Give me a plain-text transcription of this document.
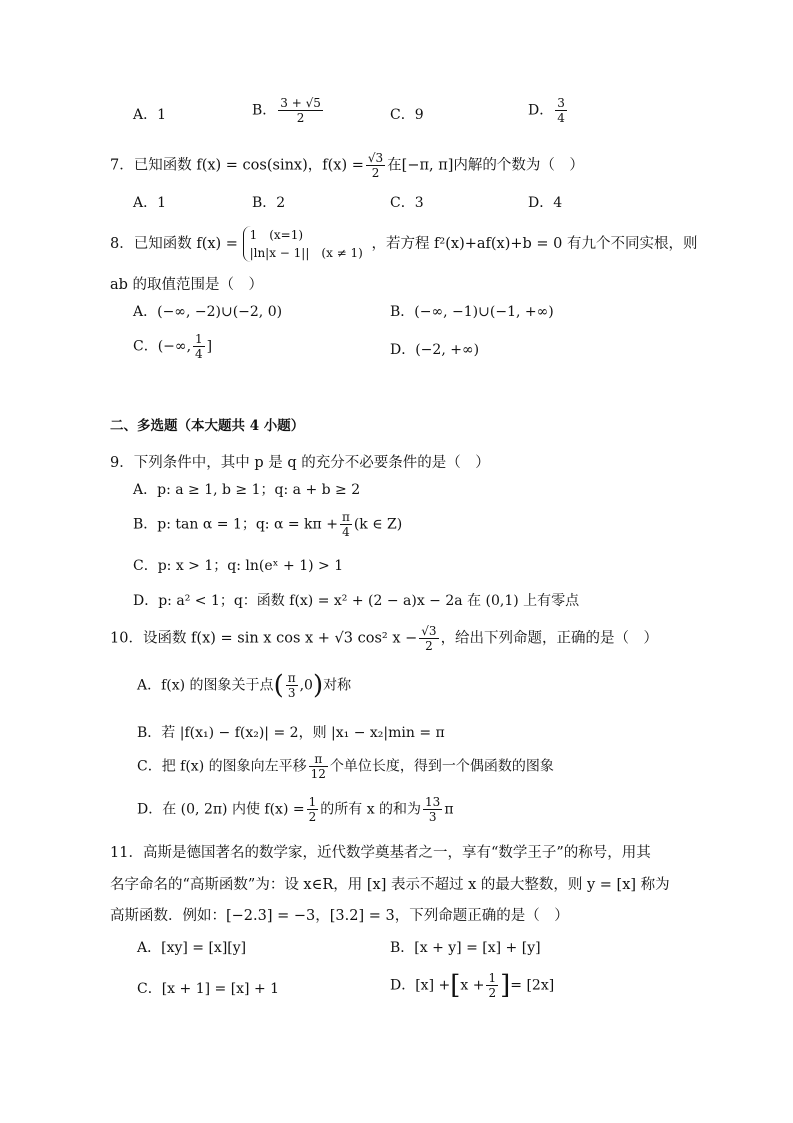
A．1	B． $\frac{3 + √5}{2}$	C．9	D． $\frac{3}{4}$
7．已知函数 f(x) = cos(sinx)，$f(x) = \frac{√3}{2}$ 在[−π, π]内解的个数为（　）
A．1	B．2	C．3	D．4
8．已知函数 f(x) =
1　(x=1)
|ln|x − 1||　(x ≠ 1)
，若方程 f²(x)+af(x)+b = 0 有九个不同实根，则
ab 的取值范围是（　）
A．(−∞, −2)∪(−2, 0)	B．(−∞, −1)∪(−1, +∞)
C．(−∞, $\frac{1}{4}$ ]	D．(−2, +∞)
二、多选题（本大题共 4 小题）
9．下列条件中，其中 p 是 q 的充分不必要条件的是（　）
A．p: a ≥ 1, b ≥ 1；q: a + b ≥ 2
B．p: tan α = 1；q: $\alpha = k\pi + \frac{\pi}{4} (k$ ∈ Z)
C．p: x > 1；q: ln(eˣ + 1) > 1
D．p: a² < 1；q：函数 f(x) = x² + (2 − a)x − 2a 在 (0,1) 上有零点
10．设函数 f(x) = sin x cos x + √3 cos² $x - \frac{√3}{2}$ ，给出下列命题，正确的是（　）
A．f(x) 的图象关于点( $\frac{\pi}{3} ,0$)对称
B．若 |f(x₁) − f(x₂)| = 2，则 |x₁ − x₂|min = π
C．把 f(x) 的图象向左平移 $\frac{\pi}{12}$ 个单位长度，得到一个偶函数的图象
D．在 (0, 2π) 内使 $f(x) = \frac{1}{2}$ 的所有 x 的和为 $\frac{13}{3}$ π
11．高斯是德国著名的数学家，近代数学奠基者之一，享有“数学王子”的称号，用其
名字命名的“高斯函数”为：设 x∈R，用 [x] 表示不超过 x 的最大整数，则 y = [x] 称为
高斯函数．例如：[−2.3] = −3，[3.2] = 3，下列命题正确的是（　）
A．[xy] = [x][y]	B．[x + y] = [x] + [y]
C．[x + 1] = [x] + 1	D．$[x] +[x + \frac{1}{2}$ ]= [2x]
